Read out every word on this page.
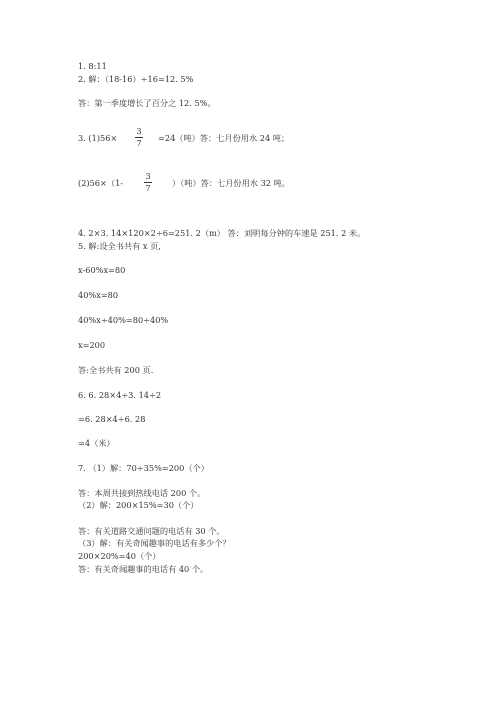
1. 8:11
2. 解：（18-16）÷16=12. 5%
答：第一季度增长了百分之 12. 5%。
3. (1)56×
3
7 =24（吨）答：七月份用水 24 吨；
(2)56×（1-
3
7	）（吨）答：七月份用水 32 吨。
4. 2×3. 14×120×2÷6=251. 2（m） 答：刘明每分钟的车速是 251. 2 米。
5. 解:设全书共有 x 页,
x-60%x=80
40%x=80
40%x÷40%=80÷40%
x=200
答:全书共有 200 页.
6. 6. 28×4÷3. 14÷2
=6. 28×4÷6. 28
=4（米）
7. （1）解：70÷35%=200（个）
答：本周共接到热线电话 200 个。
（2）解：200×15%=30（个）
答：有关道路交通问题的电话有 30 个。
（3）解：有关奇闻趣事的电话有多少个？
200×20%=40（个）
答：有关奇闻趣事的电话有 40 个。
